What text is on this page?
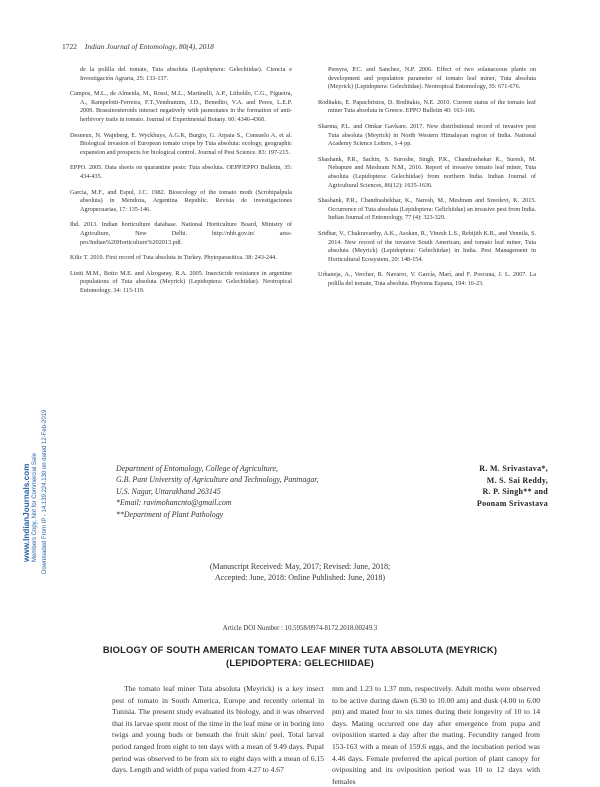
1722 Indian Journal of Entomology, 80(4), 2018

de la polilla del tomate, Tuta absoluta (Lepidoptera: Gelechiidae). Ciencia e Investigación Agraria, 25: 133-137.

Campos, M.L., de Almeida, M., Rossi, M.L., Martinelli, A.P., Litholdo, C.G., Figueira, A., Rampelotti-Ferreira, F.T.,Vendramim, J.D., Benedito, V.A. and Peres, L.E.P. 2009. Brassinosteroids interact negatively with jasmonates in the formation of anti-herbivory traits in tomato. Journal of Experimental Botany. 60: 4346-4360.

Desneux, N. Wajnberg, E. Wyckhuys, A.G.K, Burgio, G. Arpaia S., Consuelo A, et al. Biological invasion of European tomato crops by Tuta absoluta: ecology, geographic expansion and prospects for biological control. Journal of Pest Science. 83: 197-215.

EPPO. 2005. Data sheets on quarantine pests: Tuta absoluta. OEPP/EPPO Bulletin, 35: 434-435.

Garcia, M.F., and Espul, J.C. 1982. Bioecology of the tomato moth (Scrobipalpula absoluta) in Mendoza, Argentina Republic. Revista de investigaciones Agropecuarias, 17: 135-146.

Ihd. 2013. Indian horticulture database. National Horticulture Board, Ministry of Agriculture, New Delhi. http://nhb.gov.in/ area-pro/Indian%20Horticulture%202013.pdf.

Kilic T. 2010. First record of Tuta absoluta in Turkey. Phytoparasitica. 38: 243-244.

Lietti M.M., Botto M.E. and Alzogaray, R.A. 2005. Insecticide resistance in argentine populations of Tuta absoluta (Meyrick) (Lepidoptera: Gelechiidae). Neotropical Entomology. 34: 113-119.

Pereyra, P.C. and Sanchez, N.P. 2006. Effect of two solanaceous plants on development and population parameter of tomato leaf miner, Tuta absoluta (Meyrick) (Lepidoptera: Gelechiidae). Neotropical Entomology, 35: 671-676.

Roditakis, E. Papachristos, D. Roditakis, N.E. 2010. Current status of the tomato leaf miner Tuta absoluta in Greece. EPPO Bulletin 40: 163-166.

Sharma, P.L. and Omkar Gavkare. 2017. New distributional record of invasive pest Tuta absoluta (Meyrick) in North Western Himalayan region of India. National Academy Science Letters, 1-4 pp.

Shashank, P.R., Sachin, S. Suroshe, Singh, P.K., Chandrashekar K., Suresh, M. Nebapure and Meshram N.M., 2016. Report of invasive tomato leaf miner, Tuta absoluta (Lepidoptera: Gelechiidae) from northern India. Indian Journal of Agricultural Sciences, 86(12): 1635-1636.

Shashank, P.R., Chandrashekhar, K., Naresh, M., Meshram and Sreedevi, K. 2015. Occurrence of Tuta absoluta (Lepidoptera: Gelichiidae) an invasive pest from India. Indian Journal of Entomology, 77 (4): 323-329.

Sridhar, V., Chakravarthy, A.K., Asokan, R., Vinesh L.S., Rebijith K.B., and Vennila, S. 2014. New record of the invasive South American; and tomato leaf miner, Tuta absoluta (Meyrick) (Lepidoptera: Gelechiidae) in India. Pest Management in Horticultural Ecosystem, 20: 148-154.

Urbaneja, A., Vercher, R. Navarro, V. García, Marí, and F. Porcuna, J. L. 2007. La polilla del tomate, Tuta absoluta. Phytoma Espana, 194: 16-23.

www.IndianJournals.com Members Copy, Not for Commercial Sale Downloaded From IP - 14.139.224.130 on dated 12-Feb-2019	Department of Entomology, College of Agriculture,
G.B. Pant University of Agriculture and Technology, Pantnagar,
U.S. Nagar, Uttarakhand 263145
*Email: ravimohancnto@gmail.com
**Department of Plant Pathology
R. M. Srivastava*,
M. S. Sai Reddy,
R. P. Singh** and
Poonam Srivastava
(Manuscript Received: May, 2017; Revised: June, 2018;
Accepted: June, 2018: Online Published: June, 2018)
Article DOI Number : 10.5958/0974-8172.2018.00249.3
BIOLOGY OF SOUTH AMERICAN TOMATO LEAF MINER TUTA ABSOLUTA (MEYRICK)
(LEPIDOPTERA: GELECHIIDAE)

The tomato leaf miner Tuta absoluta (Meyrick) is a key insect pest of tomato in South America, Europe and recently oriental in Tunisia. The present study evaluated its biology, and it was observed that its larvae spent most of the time in the leaf mine or in boring into twigs and young buds or beneath the fruit skin/ peel. Total larval period ranged from eight to ten days with a mean of 9.49 days. Pupal period was observed to be from six to eight days with a mean of 6.15 days. Length and width of pupa varied from 4.27 to 4.67

mm and 1.23 to 1.37 mm, respectively. Adult moths were observed to be active during dawn (6.30 to 10.00 am) and dusk (4.00 to 6.00 pm) and mated four to six times during their longevity of 10 to 14 days. Mating occurred one day after emergence from pupa and oviposition started a day after the mating. Fecundity ranged from 153-163 with a mean of 159.6 eggs, and the incubation period was 4.46 days. Female preferred the apical portion of plant canopy for ovipositing and its oviposition period was 10 to 12 days with females
